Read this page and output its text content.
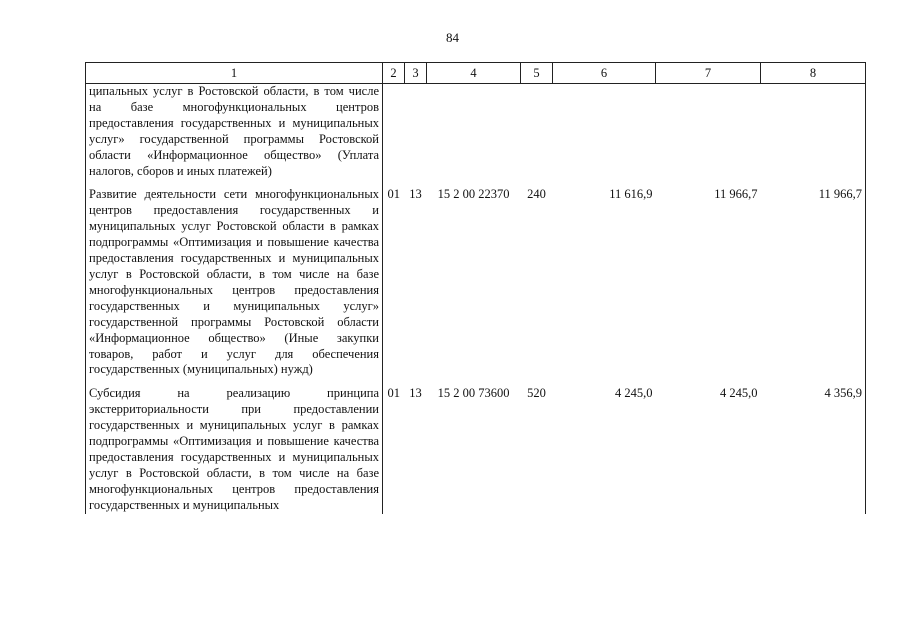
84
1	2	3	4	5	6	7	8
ципальных услуг в Ростовской области, в том числе на базе многофункциональных центров предоставления государственных и муниципальных услуг» государственной программы Ростовской области «Информационное общество» (Уплата налогов, сборов и иных платежей)							

Развитие деятельности сети многофункциональных центров предоставления государственных и муниципальных услуг Ростовской области в рамках подпрограммы «Оптимизация и повышение качества предоставления государственных и муниципальных услуг в Ростовской области, в том числе на базе многофункциональных центров предоставления государственных и муниципальных услуг» государственной программы Ростовской области «Информационное общество» (Иные закупки товаров, работ и услуг для обеспечения государственных (муниципальных) нужд)	01	13	15 2 00 22370	240	11 616,9	11 966,7	11 966,7

Субсидия на реализацию принципа экстерриториальности при предоставлении государственных и муниципальных услуг в рамках подпрограммы «Оптимизация и повышение качества предоставления государственных и муниципальных услуг в Ростовской области, в том числе на базе многофункциональных центров предоставления государственных и муниципальных	01	13	15 2 00 73600	520	4 245,0	4 245,0	4 356,9
